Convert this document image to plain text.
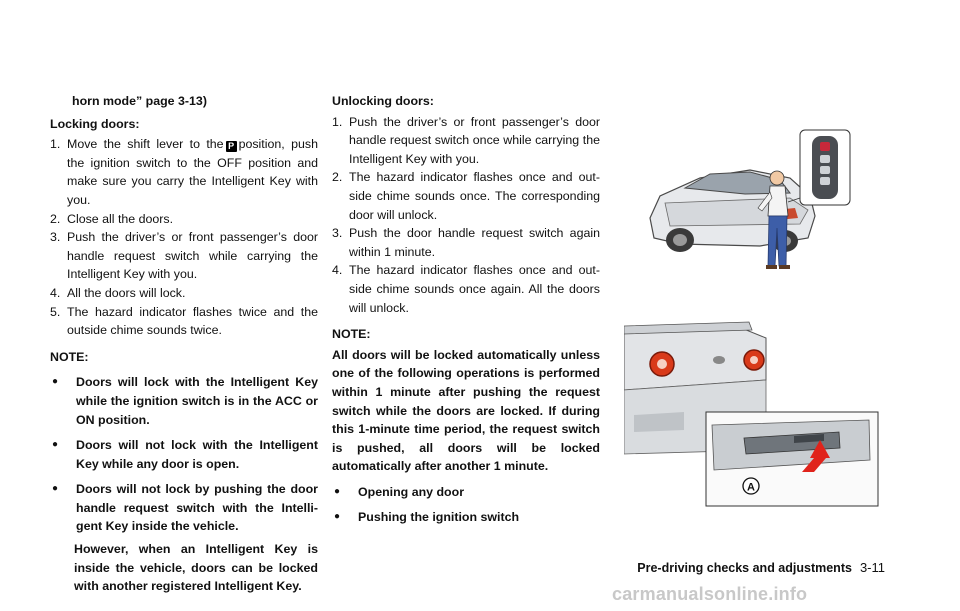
horn mode” page 3-13)
Locking doors:
1. Move the shift lever to the P position, push the ignition switch to the OFF position and make sure you carry the Intelligent Key with you.
2. Close all the doors.
3. Push the driver’s or front passenger’s door handle request switch while carrying the Intelligent Key with you.
4. All the doors will lock.
5. The hazard indicator flashes twice and the outside chime sounds twice.
NOTE:
●	Doors will lock with the Intelligent Key while the ignition switch is in the ACC or ON position.
●	Doors will not lock with the Intelligent Key while any door is open.
●	Doors will not lock by pushing the door handle request switch with the Intelli-gent Key inside the vehicle.
However, when an Intelligent Key is inside the vehicle, doors can be locked with another registered Intelligent Key.
Unlocking doors:
1. Push the driver’s or front passenger’s door handle request switch once while carrying the Intelligent Key with you.
2. The hazard indicator flashes once and out-side chime sounds once. The corresponding door will unlock.
3. Push the door handle request switch again within 1 minute.
4. The hazard indicator flashes once and out-side chime sounds once again. All the doors will unlock.
NOTE:
All doors will be locked automatically unless one of the following operations is performed within 1 minute after pushing the request switch while the doors are locked. If during this 1-minute time period, the request switch is pushed, all doors will be locked automatically after another 1 minute.
●	Opening any door
●	Pushing the ignition switch
A
Pre-driving checks and adjustments 3-11
carmanualsonline.info
